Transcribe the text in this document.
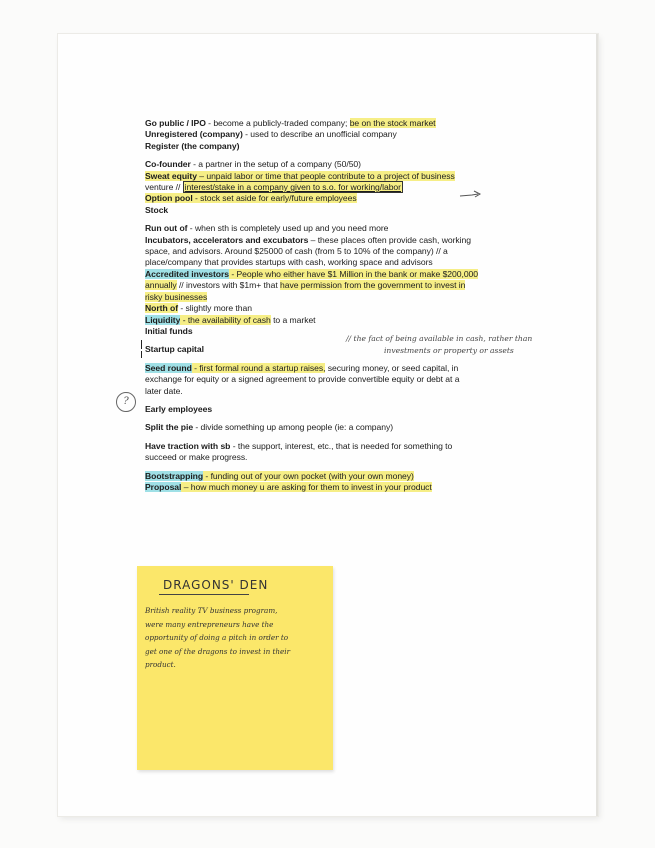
Go public / IPO - become a publicly-traded company; be on the stock market

Unregistered (company) - used to describe an unofficial company

Register (the company)

Co-founder - a partner in the setup of a company (50/50)

Sweat equity – unpaid labor or time that people contribute to a project of business

venture // interest/stake in a company given to s.o. for working/labor

Option pool - stock set aside for early/future employees

Stock

Run out of - when sth is completely used up and you need more

Incubators, accelerators and excubators – these places often provide cash, working

space, and advisors. Around $25000 of cash (from 5 to 10% of the company) // a

place/company that provides startups with cash, working space and advisors

Accredited investors - People who either have $1 Million in the bank or make $200,000

annually // investors with $1m+ that have permission from the government to invest in

risky businesses

North of - slightly more than

Liquidity - the availability of cash to a market

Initial funds

Startup capital

Seed round - first formal round a startup raises, securing money, or seed capital, in

exchange for equity or a signed agreement to provide convertible equity or debt at a

later date.

Early employees

Split the pie - divide something up among people (ie: a company)

Have traction with sb - the support, interest, etc., that is needed for something to

succeed or make progress.

Bootstrapping - funding out of your own pocket (with your own money)

Proposal – how much money u are asking for them to invest in your product

// the fact of being available in cash, rather than
investments or property or assets
?
DRAGONS' DEN
British reality TV business program,
were many entrepreneurs have the
opportunity of doing a pitch in order to
get one of the dragons to invest in their
product.
